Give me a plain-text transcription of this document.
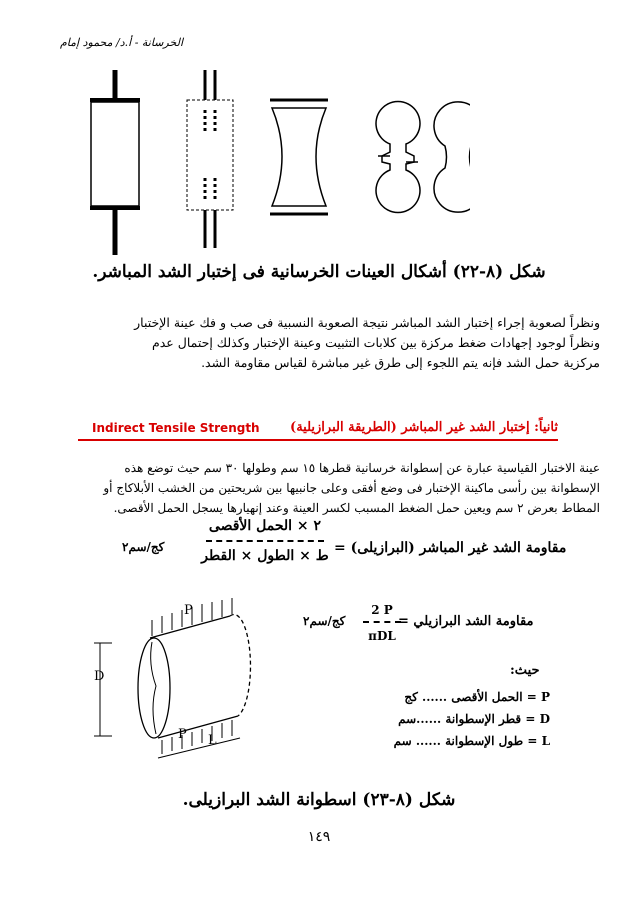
الخرسانة - أ.د/ محمود إمام
شكل (٨-٢٢) أشكال العينات الخرسانية فى إختبار الشد المباشر.

ونظراً لصعوبة إجراء إختبار الشد المباشر نتيجة الصعوبة النسبية فى صب و فك عينة الإختبار

ونظراً لوجود إجهادات ضغط مركزة بين كلابات التثبيت وعينة الإختبار وكذلك إحتمال عدم

مركزية حمل الشد فإنه يتم اللجوء إلى طرق غير مباشرة لقياس مقاومة الشد.

ثانياً: إختبار الشد غير المباشر (الطريقة البرازيلية)
Indirect Tensile Strength

عينة الاختبار القياسية عبارة عن إسطوانة خرسانية قطرها ١٥ سم وطولها ٣٠ سم حيث توضع هذه

الإسطوانة بين رأسى ماكينة الإختبار فى وضع أفقى وعلى جانبيها بين شريحتين من الخشب الأبلاكاج أو

المطاط بعرض ٢ سم ويعين حمل الضغط المسبب لكسر العينة وعند إنهيارها يسجل الحمل الأقصى.

مقاومة الشد غير المباشر (البرازيلى) =
٢ × الحمل الأقصى
ط × الطول × القطر
كج/سم٢
P
P
D
L
مقاومة الشد البرازيلي =
2 P
πDL
كج/سم٢
حيث:
P = الحمل الأقصى ...... كج
D = قطر الإسطوانة ......سم
L = طول الإسطوانة ...... سم
شكل (٨-٢٣) اسطوانة الشد البرازيلى.
١٤٩
